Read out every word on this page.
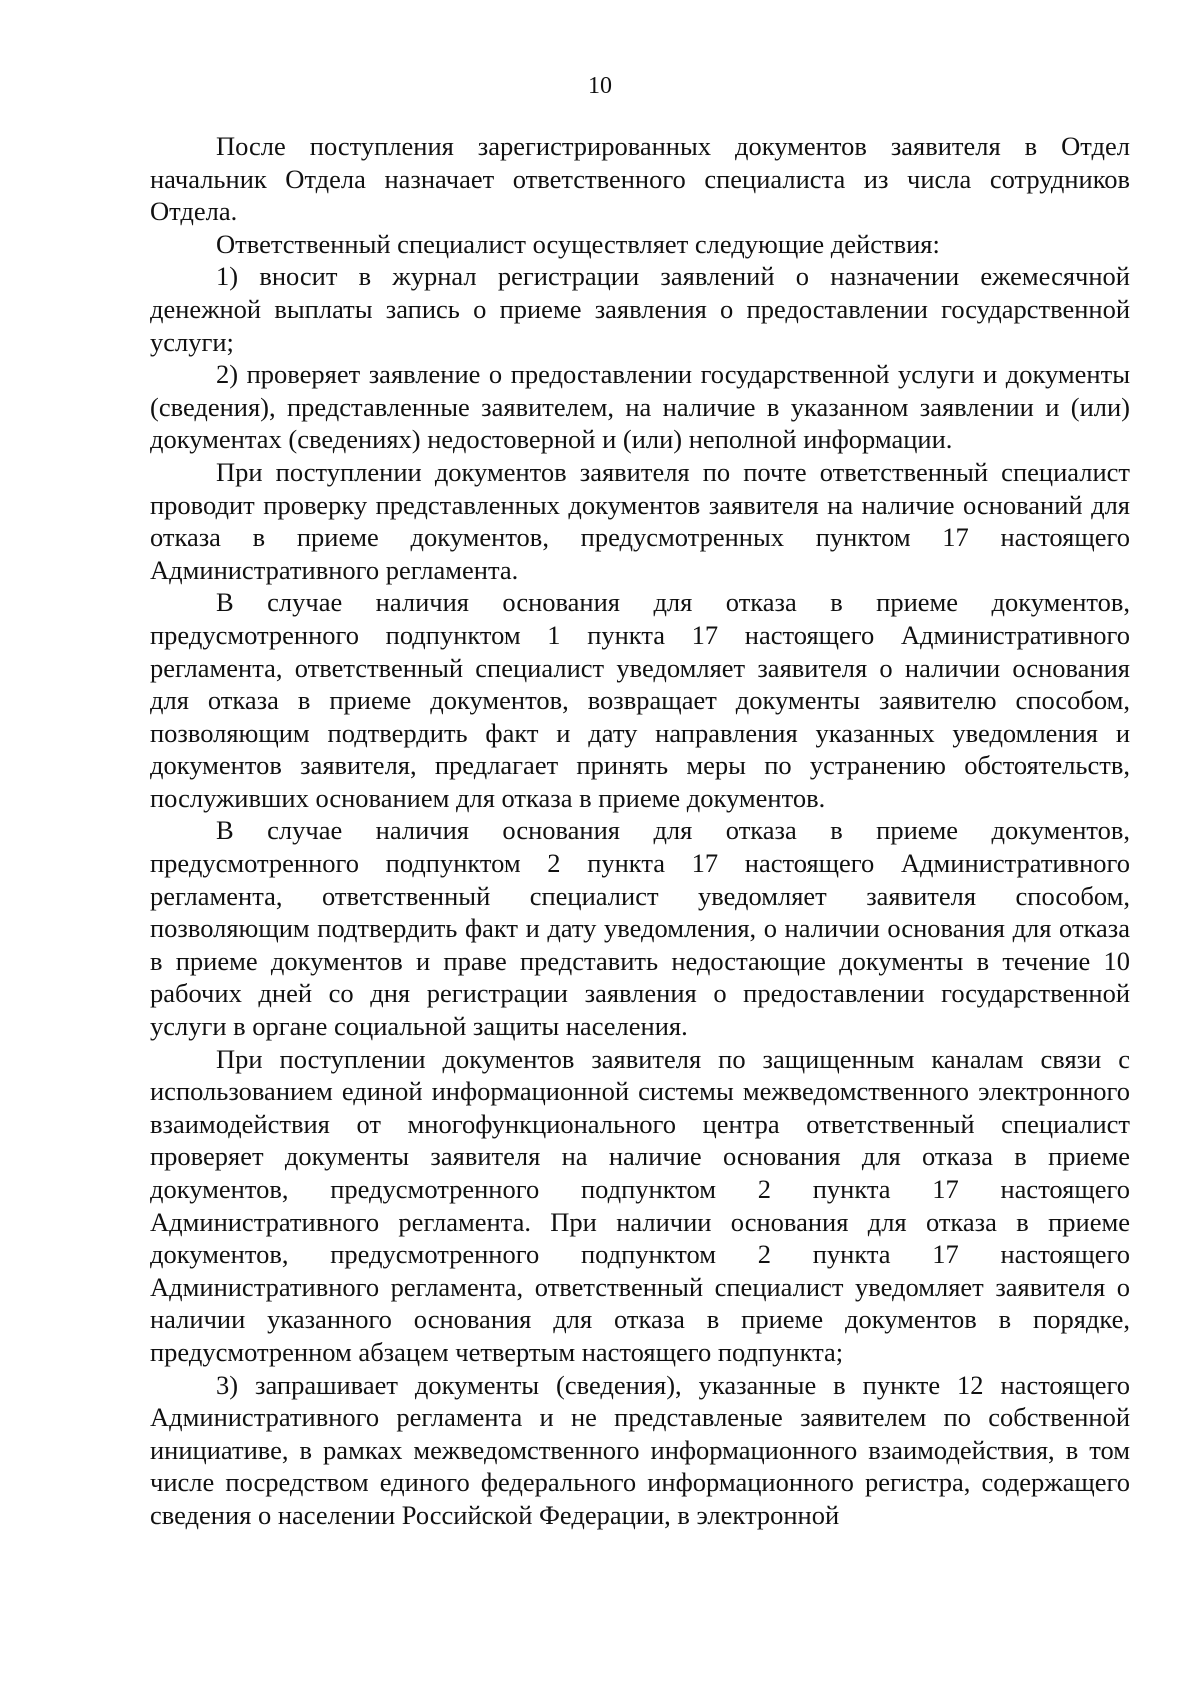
10

После поступления зарегистрированных документов заявителя в Отдел начальник Отдела назначает ответственного специалиста из числа сотрудников Отдела.

Ответственный специалист осуществляет следующие действия:

1) вносит в журнал регистрации заявлений о назначении ежемесячной денежной выплаты запись о приеме заявления о предоставлении государственной услуги;

2) проверяет заявление о предоставлении государственной услуги и документы (сведения), представленные заявителем, на наличие в указанном заявлении и (или) документах (сведениях) недостоверной и (или) неполной информации.

При поступлении документов заявителя по почте ответственный специалист проводит проверку представленных документов заявителя на наличие оснований для отказа в приеме документов, предусмотренных пунктом 17 настоящего Административного регламента.

В случае наличия основания для отказа в приеме документов, предусмотренного подпунктом 1 пункта 17 настоящего Административного регламента, ответственный специалист уведомляет заявителя о наличии основания для отказа в приеме документов, возвращает документы заявителю способом, позволяющим подтвердить факт и дату направления указанных уведомления и документов заявителя, предлагает принять меры по устранению обстоятельств, послуживших основанием для отказа в приеме документов.

В случае наличия основания для отказа в приеме документов, предусмотренного подпунктом 2 пункта 17 настоящего Административного регламента, ответственный специалист уведомляет заявителя способом, позволяющим подтвердить факт и дату уведомления, о наличии основания для отказа в приеме документов и праве представить недостающие документы в течение 10 рабочих дней со дня регистрации заявления о предоставлении государственной услуги в органе социальной защиты населения.

При поступлении документов заявителя по защищенным каналам связи с использованием единой информационной системы межведомственного электронного взаимодействия от многофункционального центра ответственный специалист проверяет документы заявителя на наличие основания для отказа в приеме документов, предусмотренного подпунктом 2 пункта 17 настоящего Административного регламента. При наличии основания для отказа в приеме документов, предусмотренного подпунктом 2 пункта 17 настоящего Административного регламента, ответственный специалист уведомляет заявителя о наличии указанного основания для отказа в приеме документов в порядке, предусмотренном абзацем четвертым настоящего подпункта;

3) запрашивает документы (сведения), указанные в пункте 12 настоящего Административного регламента и не представленые заявителем по собственной инициативе, в рамках межведомственного информационного взаимодействия, в том числе посредством единого федерального информационного регистра, содержащего сведения о населении Российской Федерации, в электронной
